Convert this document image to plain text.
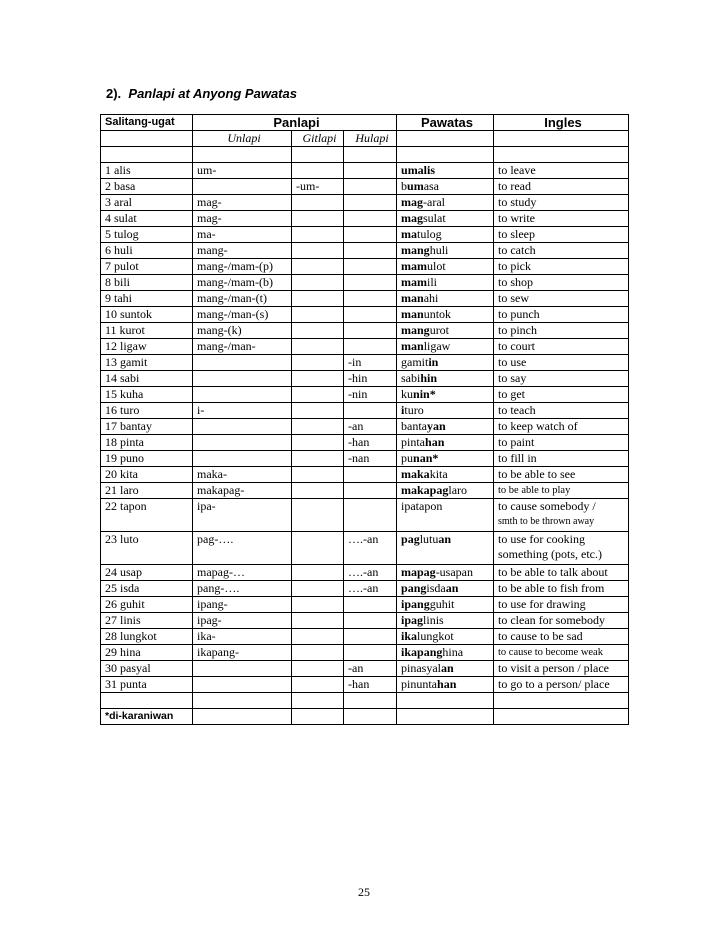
2). Panlapi at Anyong Pawatas
Salitang-ugat	Panlapi			Pawatas	Ingles
	Unlapi	Gitlapi	Hulapi		

1 alis	um-			umalis	to leave

2 basa		-um-		bumasa	to read

3 aral	mag-			mag-aral	to study

4 sulat	mag-			magsulat	to write

5 tulog	ma-			matulog	to sleep

6 huli	mang-			manghuli	to catch

7 pulot	mang-/mam-(p)			mamulot	to pick

8 bili	mang-/mam-(b)			mamili	to shop

9 tahi	mang-/man-(t)			manahi	to sew

10 suntok	mang-/man-(s)			manuntok	to punch

11 kurot	mang-(k)			mangurot	to pinch

12 ligaw	mang-/man-			manligaw	to court

13 gamit			-in	gamitin	to use

14 sabi			-hin	sabihin	to say

15 kuha			-nin	kunin*	to get

16 turo	i-			ituro	to teach

17 bantay			-an	bantayan	to keep watch of

18 pinta			-han	pintahan	to paint

19 puno			-nan	punan*	to fill in

20 kita	maka-			makakita	to be able to see

21 laro	makapag-			makapaglaro	to be able to play

22 tapon	ipa-			ipatapon	to cause somebody /
smth to be thrown away

23 luto	pag-….		….-an	paglutuan	to use for cooking
something (pots, etc.)

24 usap	mapag-…		….-an	mapag-usapan	to be able to talk about

25 isda	pang-….		….-an	pangisdaan	to be able to fish from

26 guhit	ipang-			ipangguhit	to use for drawing

27 linis	ipag-			ipaglinis	to clean for somebody

28 lungkot	ika-			ikalungkot	to cause to be sad

29 hina	ikapang-			ikapanghina	to cause to become weak

30 pasyal			-an	pinasyalan	to visit a person / place

31 punta			-han	pinuntahan	to go to a person/ place

*di-karaniwan					
25
